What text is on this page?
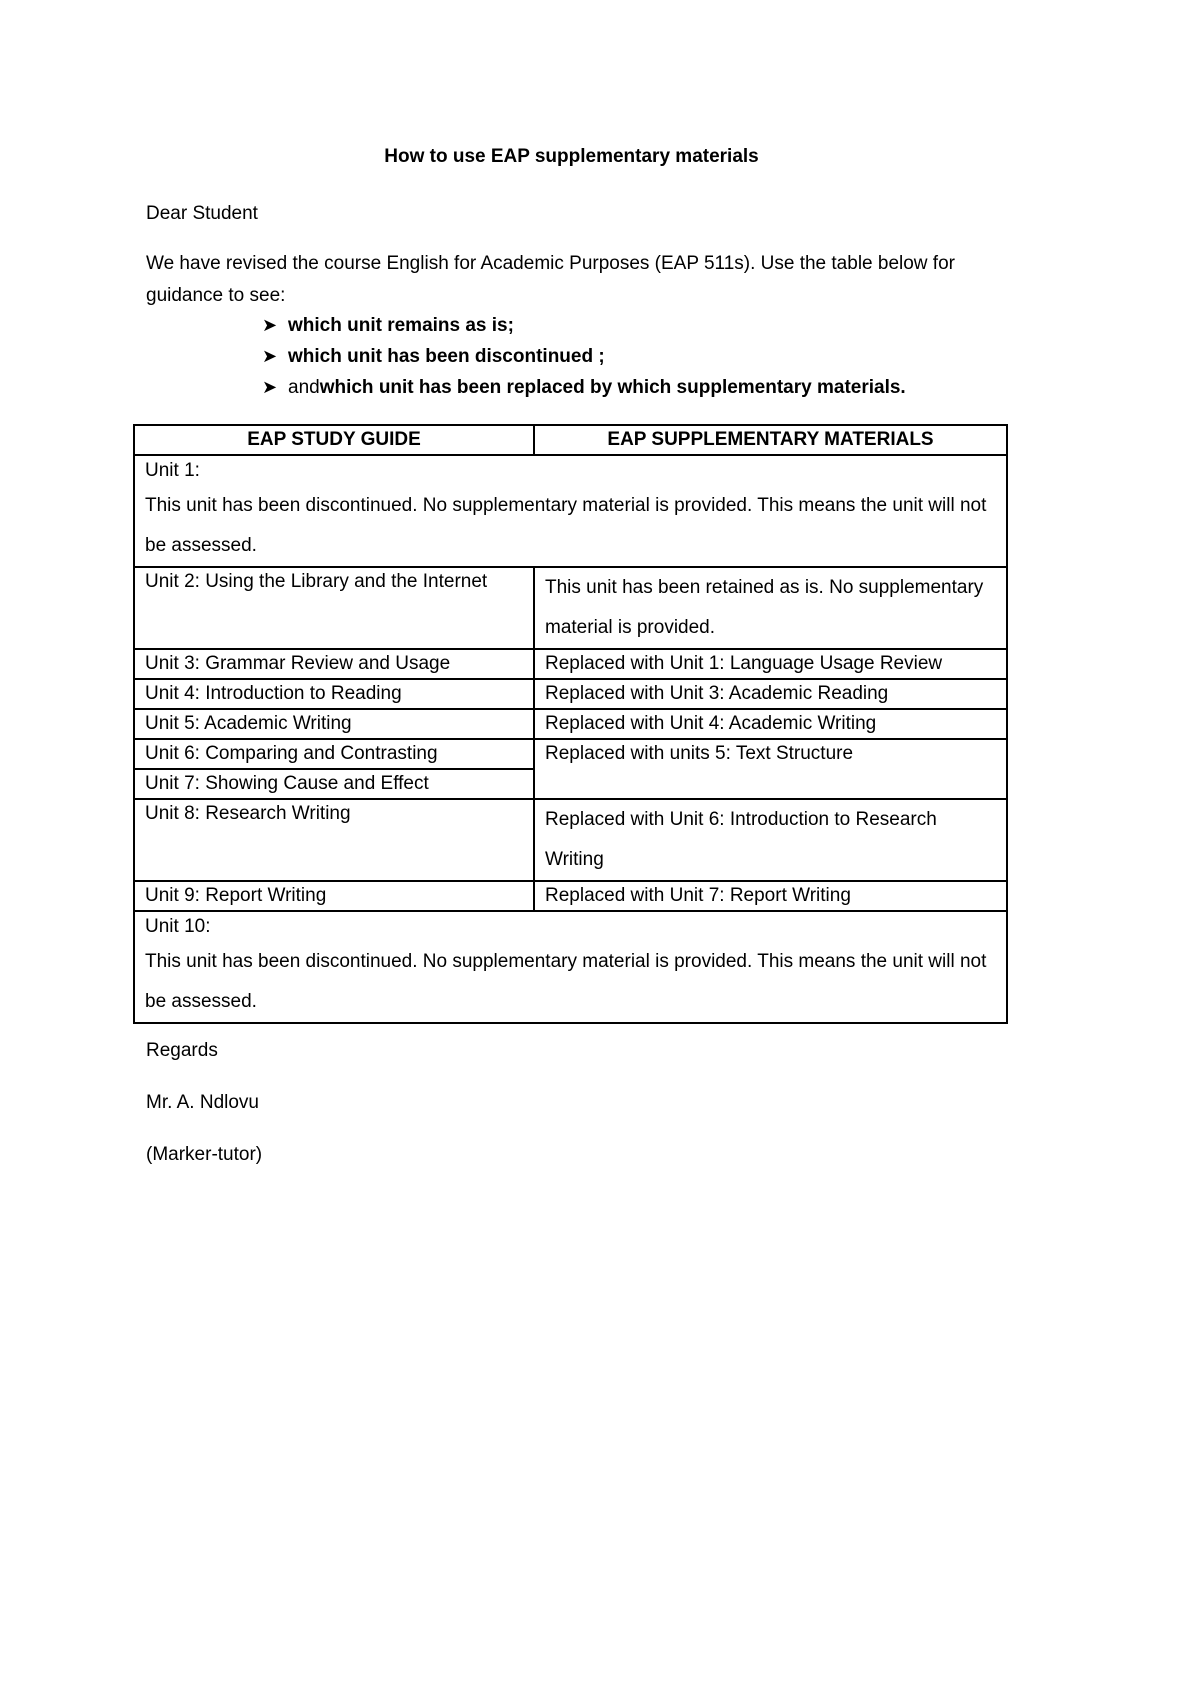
How to use EAP supplementary materials
Dear Student
We have revised the course English for Academic Purposes (EAP 511s). Use the table below for guidance to see:
➤ which unit remains as is;
➤ which unit has been discontinued ;
➤ and which unit has been replaced by which supplementary materials.
EAP STUDY GUIDE	EAP SUPPLEMENTARY MATERIALS

Unit 1:
This unit has been discontinued. No supplementary material is provided. This means the unit will not be assessed.	

Unit 2: Using the Library and the Internet	This unit has been retained as is. No supplementary material is provided.
Unit 3: Grammar Review and Usage	Replaced with Unit 1: Language Usage Review
Unit 4: Introduction to Reading	Replaced with Unit 3: Academic Reading
Unit 5: Academic Writing	Replaced with Unit 4: Academic Writing
Unit 6: Comparing and Contrasting	Replaced with units 5: Text Structure
Unit 7: Showing Cause and Effect	
Unit 8: Research Writing	Replaced with Unit 6: Introduction to Research Writing
Unit 9: Report Writing	Replaced with Unit 7: Report Writing

Unit 10:
This unit has been discontinued. No supplementary material is provided. This means the unit will not be assessed.	
Regards
Mr. A. Ndlovu
(Marker-tutor)
